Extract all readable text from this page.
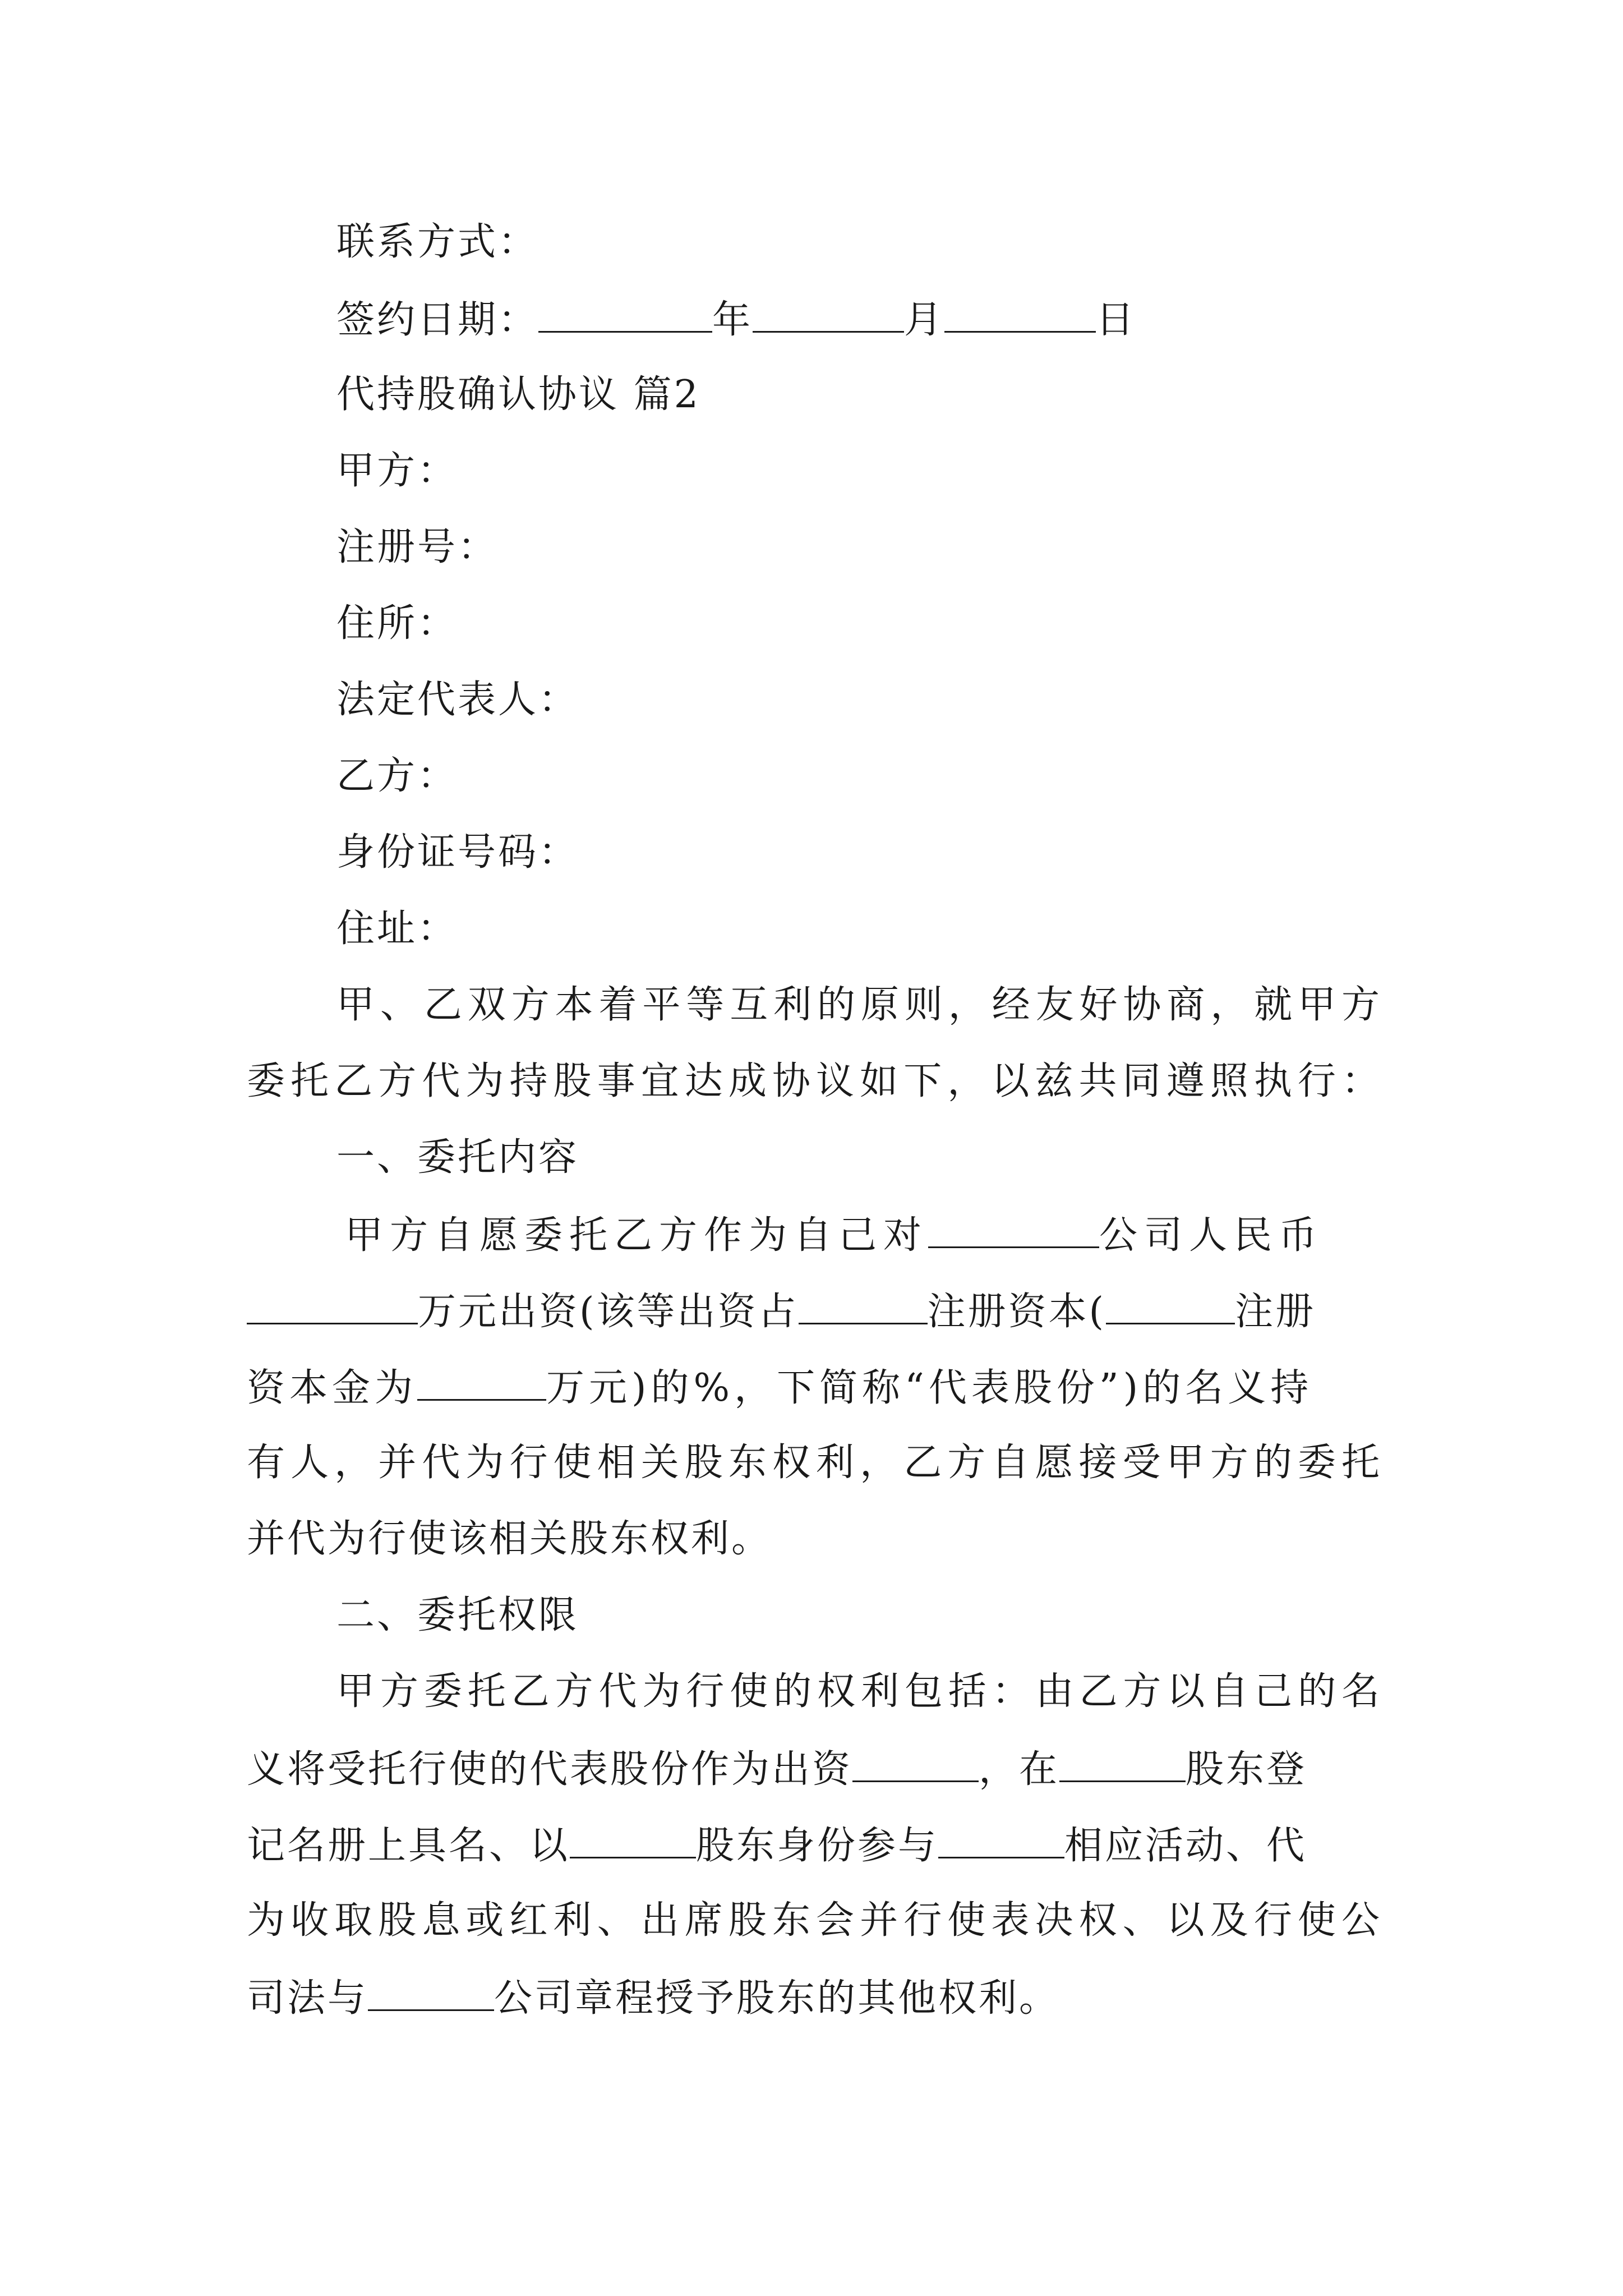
联系方式：
签约日期：	年	月	日
代持股确认协议 篇2
甲方：
注册号：
住所：
法定代表人：
乙方：
身份证号码：
住址：
甲、乙双方本着平等互利的原则，经友好协商，就甲方
委托乙方代为持股事宜达成协议如下，以兹共同遵照执行：
一、委托内容
甲方自愿委托乙方作为自己对	公司人民币
万元出资(该等出资占	注册资本(	注册
资本金为	万元)的%，下简称“代表股份”)的名义持
有人，并代为行使相关股东权利，乙方自愿接受甲方的委托
并代为行使该相关股东权利。
二、委托权限
甲方委托乙方代为行使的权利包括：由乙方以自己的名
义将受托行使的代表股份作为出资	，在	股东登
记名册上具名、以	股东身份参与	相应活动、代
为收取股息或红利、出席股东会并行使表决权、以及行使公
司法与	公司章程授予股东的其他权利。
